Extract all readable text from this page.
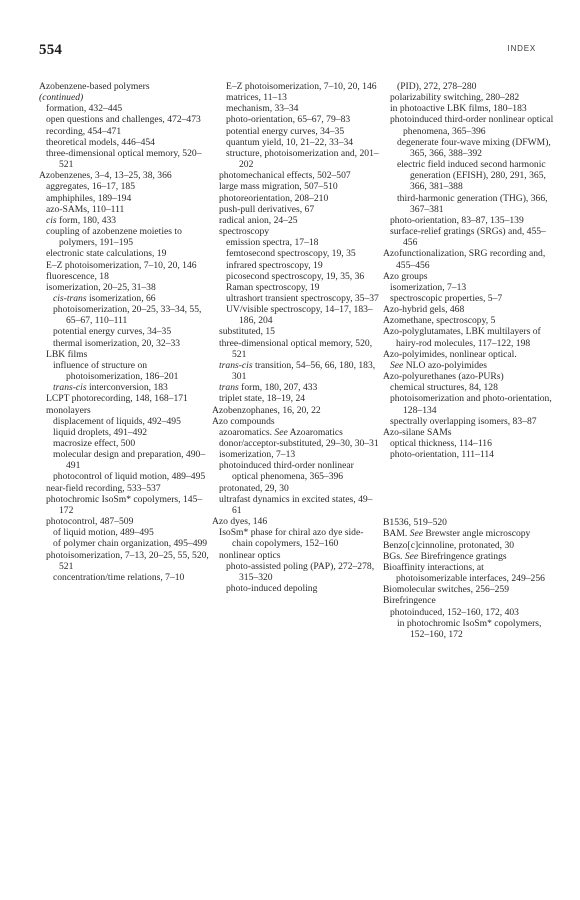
554	INDEX
Azobenzene-based polymers
(continued)
formation, 432–445
open questions and challenges, 472–473
recording, 454–471
theoretical models, 446–454
three-dimensional optical memory, 520–521
Azobenzenes, 3–4, 13–25, 38, 366
aggregates, 16–17, 185
amphiphiles, 189–194
azo-SAMs, 110–111
cis form, 180, 433
coupling of azobenzene moieties to polymers, 191–195
electronic state calculations, 19
E–Z photoisomerization, 7–10, 20, 146
fluorescence, 18
isomerization, 20–25, 31–38
cis-trans isomerization, 66
photoisomerization, 20–25, 33–34, 55, 65–67, 110–111
potential energy curves, 34–35
thermal isomerization, 20, 32–33
LBK films
influence of structure on photoisomerization, 186–201
trans-cis interconversion, 183
LCPT photorecording, 148, 168–171
monolayers
displacement of liquids, 492–495
liquid droplets, 491–492
macrosize effect, 500
molecular design and preparation, 490–491
photocontrol of liquid motion, 489–495
near-field recording, 533–537
photochromic IsoSm* copolymers, 145–172
photocontrol, 487–509
of liquid motion, 489–495
of polymer chain organization, 495–499
photoisomerization, 7–13, 20–25, 55, 520, 521
concentration/time relations, 7–10
E–Z photoisomerization, 7–10, 20, 146
matrices, 11–13
mechanism, 33–34
photo-orientation, 65–67, 79–83
potential energy curves, 34–35
quantum yield, 10, 21–22, 33–34
structure, photoisomerization and, 201–202
photomechanical effects, 502–507
large mass migration, 507–510
photoreorientation, 208–210
push-pull derivatives, 67
radical anion, 24–25
spectroscopy
emission spectra, 17–18
femtosecond spectroscopy, 19, 35
infrared spectroscopy, 19
picosecond spectroscopy, 19, 35, 36
Raman spectroscopy, 19
ultrashort transient spectroscopy, 35–37
UV/visible spectroscopy, 14–17, 183–186, 204
substituted, 15
three-dimensional optical memory, 520, 521
trans-cis transition, 54–56, 66, 180, 183, 301
trans form, 180, 207, 433
triplet state, 18–19, 24
Azobenzophanes, 16, 20, 22
Azo compounds
azoaromatics. See Azoaromatics
donor/acceptor-substituted, 29–30, 30–31
isomerization, 7–13
photoinduced third-order nonlinear optical phenomena, 365–396
protonated, 29, 30
ultrafast dynamics in excited states, 49–61
Azo dyes, 146
IsoSm* phase for chiral azo dye side-chain copolymers, 152–160
nonlinear optics
photo-assisted poling (PAP), 272–278, 315–320
photo-induced depoling
(PID), 272, 278–280
polarizability switching, 280–282
in photoactive LBK films, 180–183
photoinduced third-order nonlinear optical phenomena, 365–396
degenerate four-wave mixing (DFWM), 365, 366, 388–392
electric field induced second harmonic generation (EFISH), 280, 291, 365, 366, 381–388
third-harmonic generation (THG), 366, 367–381
photo-orientation, 83–87, 135–139
surface-relief gratings (SRGs) and, 455–456
Azofunctionalization, SRG recording and, 455–456
Azo groups
isomerization, 7–13
spectroscopic properties, 5–7
Azo-hybrid gels, 468
Azomethane, spectroscopy, 5
Azo-polyglutamates, LBK multilayers of hairy-rod molecules, 117–122, 198
Azo-polyimides, nonlinear optical.
See NLO azo-polyimides
Azo-polyurethanes (azo-PURs)
chemical structures, 84, 128
photoisomerization and photo-orientation, 128–134
spectrally overlapping isomers, 83–87
Azo-silane SAMs
optical thickness, 114–116
photo-orientation, 111–114
B1536, 519–520
BAM. See Brewster angle microscopy
Benzo[c]cinnoline, protonated, 30
BGs. See Birefringence gratings
Bioaffinity interactions, at photoisomerizable interfaces, 249–256
Biomolecular switches, 256–259
Birefringence
photoinduced, 152–160, 172, 403
in photochromic IsoSm* copolymers, 152–160, 172
